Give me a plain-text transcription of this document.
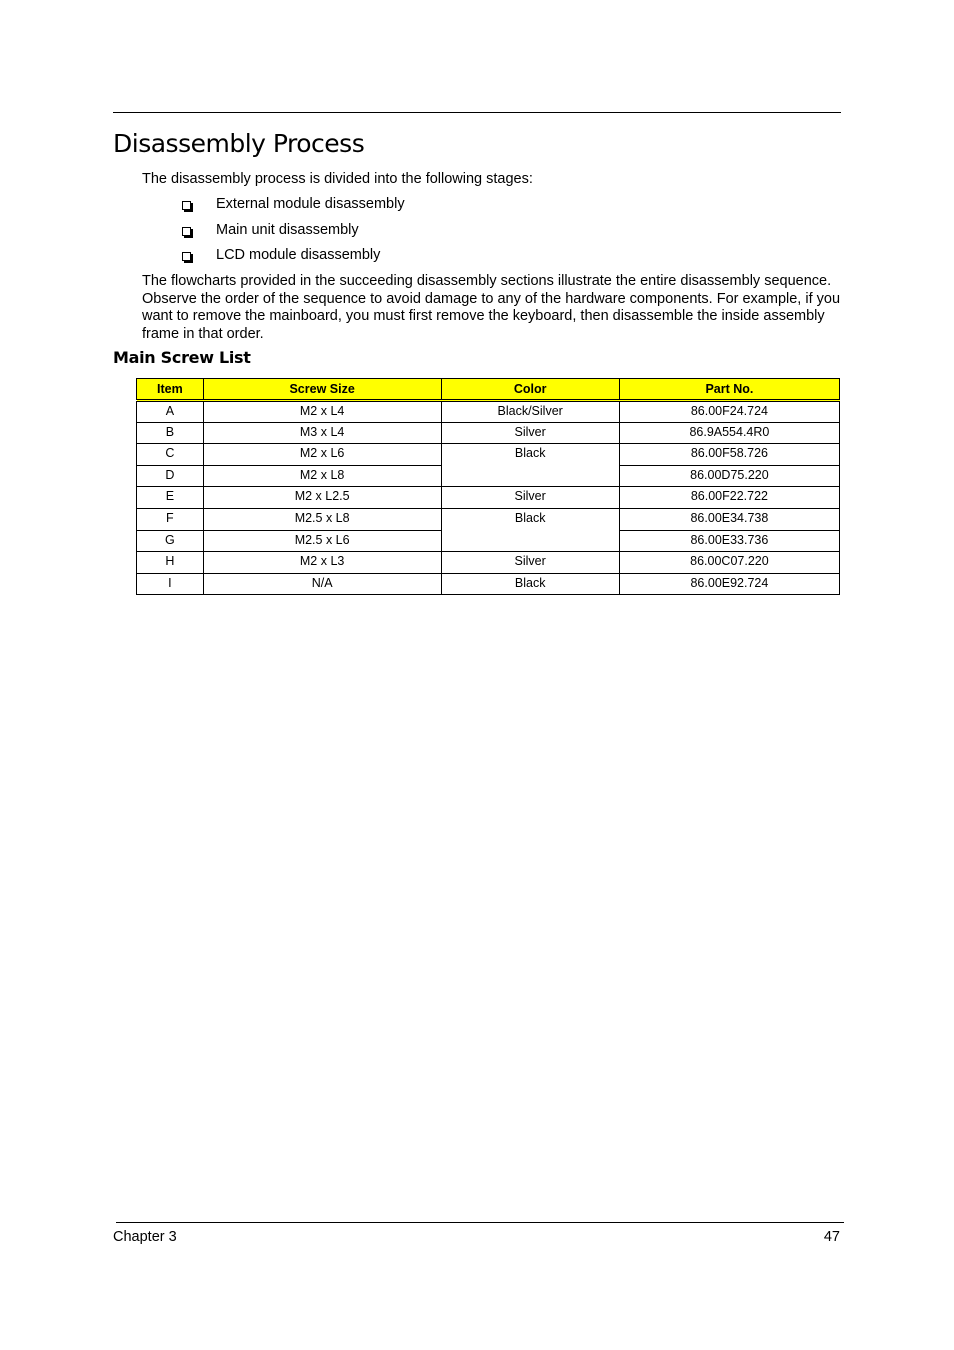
Disassembly Process

The disassembly process is divided into the following stages:

External module disassembly
Main unit disassembly
LCD module disassembly

The flowcharts provided in the succeeding disassembly sections illustrate the entire disassembly sequence. Observe the order of the sequence to avoid damage to any of the hardware components. For example, if you want to remove the mainboard, you must first remove the keyboard, then disassemble the inside assembly frame in that order.

Main Screw List
Item	Screw Size	Color	Part No.
A	M2 x L4	Black/Silver	86.00F24.724
B	M3 x L4	Silver	86.9A554.4R0
C	M2 x L6	Black	86.00F58.726
D	M2 x L8		86.00D75.220
E	M2 x L2.5	Silver	86.00F22.722
F	M2.5 x L8	Black	86.00E34.738
G	M2.5 x L6		86.00E33.736
H	M2 x L3	Silver	86.00C07.220
I	N/A	Black	86.00E92.724
Chapter 3	47
